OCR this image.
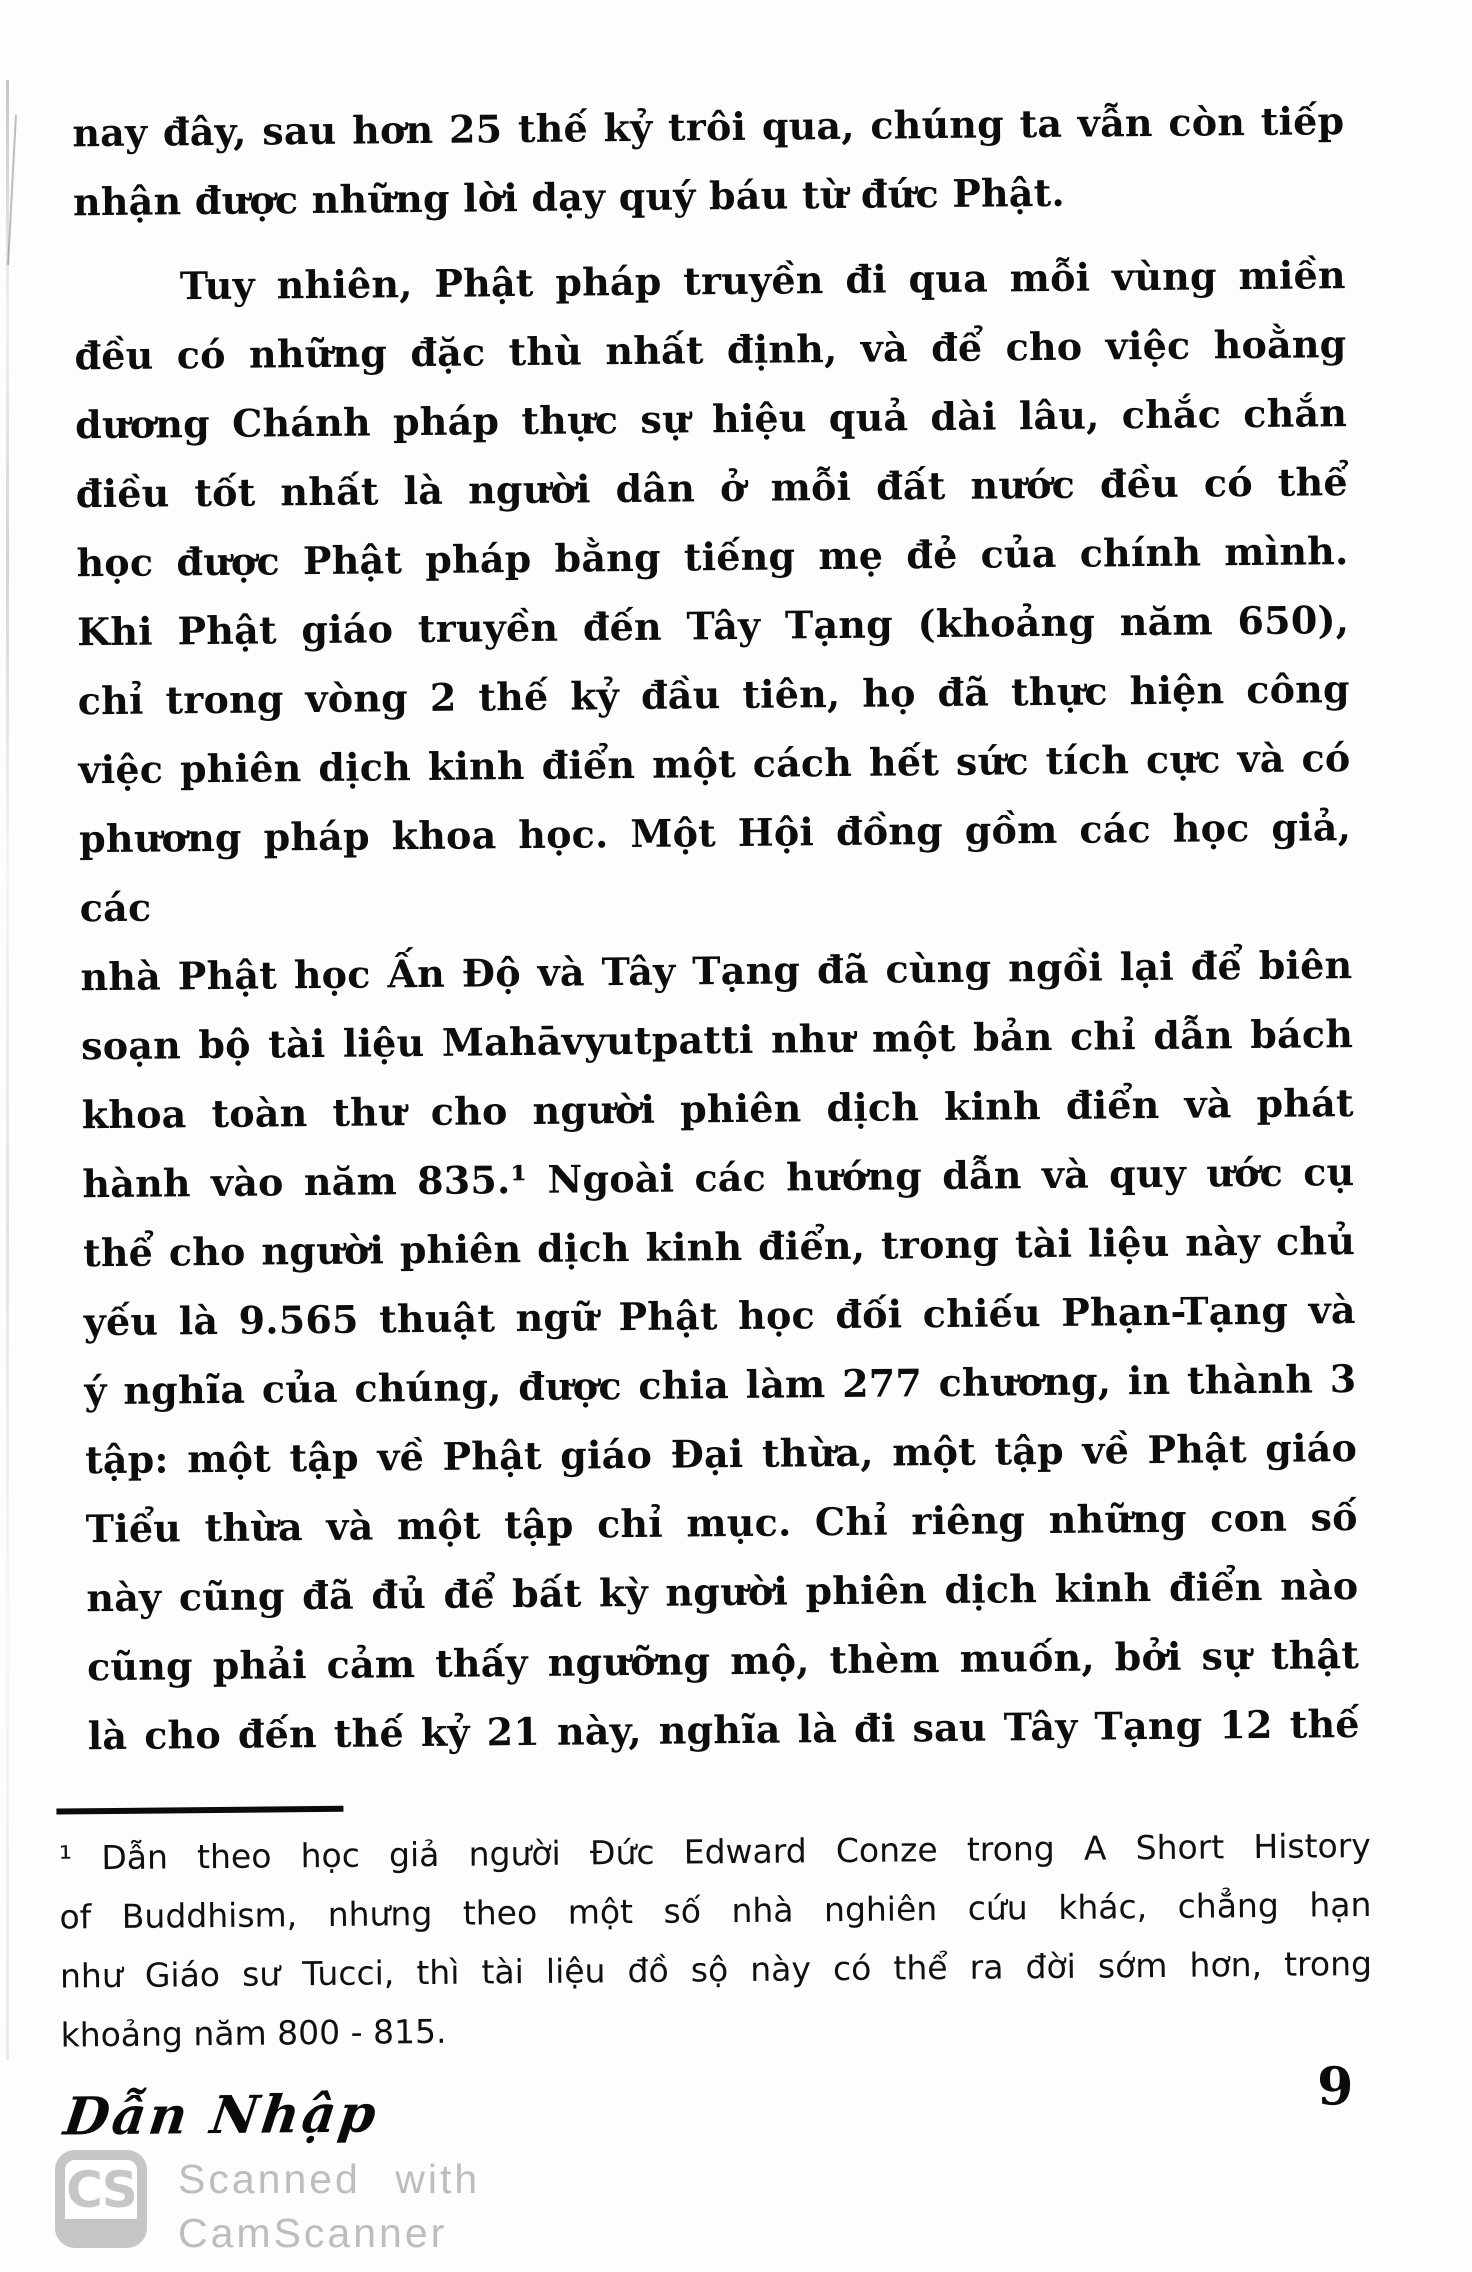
nay đây, sau hơn 25 thế kỷ trôi qua, chúng ta vẫn còn tiếp
nhận được những lời dạy quý báu từ đức Phật.
Tuy nhiên, Phật pháp truyền đi qua mỗi vùng miền
đều có những đặc thù nhất định, và để cho việc hoằng
dương Chánh pháp thực sự hiệu quả dài lâu, chắc chắn
điều tốt nhất là người dân ở mỗi đất nước đều có thể
học được Phật pháp bằng tiếng mẹ đẻ của chính mình.
Khi Phật giáo truyền đến Tây Tạng (khoảng năm 650),
chỉ trong vòng 2 thế kỷ đầu tiên, họ đã thực hiện công
việc phiên dịch kinh điển một cách hết sức tích cực và có
phương pháp khoa học. Một Hội đồng gồm các học giả, các
nhà Phật học Ấn Độ và Tây Tạng đã cùng ngồi lại để biên
soạn bộ tài liệu Mahāvyutpatti như một bản chỉ dẫn bách
khoa toàn thư cho người phiên dịch kinh điển và phát
hành vào năm 835.¹ Ngoài các hướng dẫn và quy ước cụ
thể cho người phiên dịch kinh điển, trong tài liệu này chủ
yếu là 9.565 thuật ngữ Phật học đối chiếu Phạn-Tạng và
ý nghĩa của chúng, được chia làm 277 chương, in thành 3
tập: một tập về Phật giáo Đại thừa, một tập về Phật giáo
Tiểu thừa và một tập chỉ mục. Chỉ riêng những con số
này cũng đã đủ để bất kỳ người phiên dịch kinh điển nào
cũng phải cảm thấy ngưỡng mộ, thèm muốn, bởi sự thật
là cho đến thế kỷ 21 này, nghĩa là đi sau Tây Tạng 12 thế
¹ Dẫn theo học giả người Đức Edward Conze trong A Short History
of Buddhism, nhưng theo một số nhà nghiên cứu khác, chẳng hạn
như Giáo sư Tucci, thì tài liệu đồ sộ này có thể ra đời sớm hơn, trong
khoảng năm 800 - 815.
Dẫn Nhập	9
CS Scanned with
CamScanner
